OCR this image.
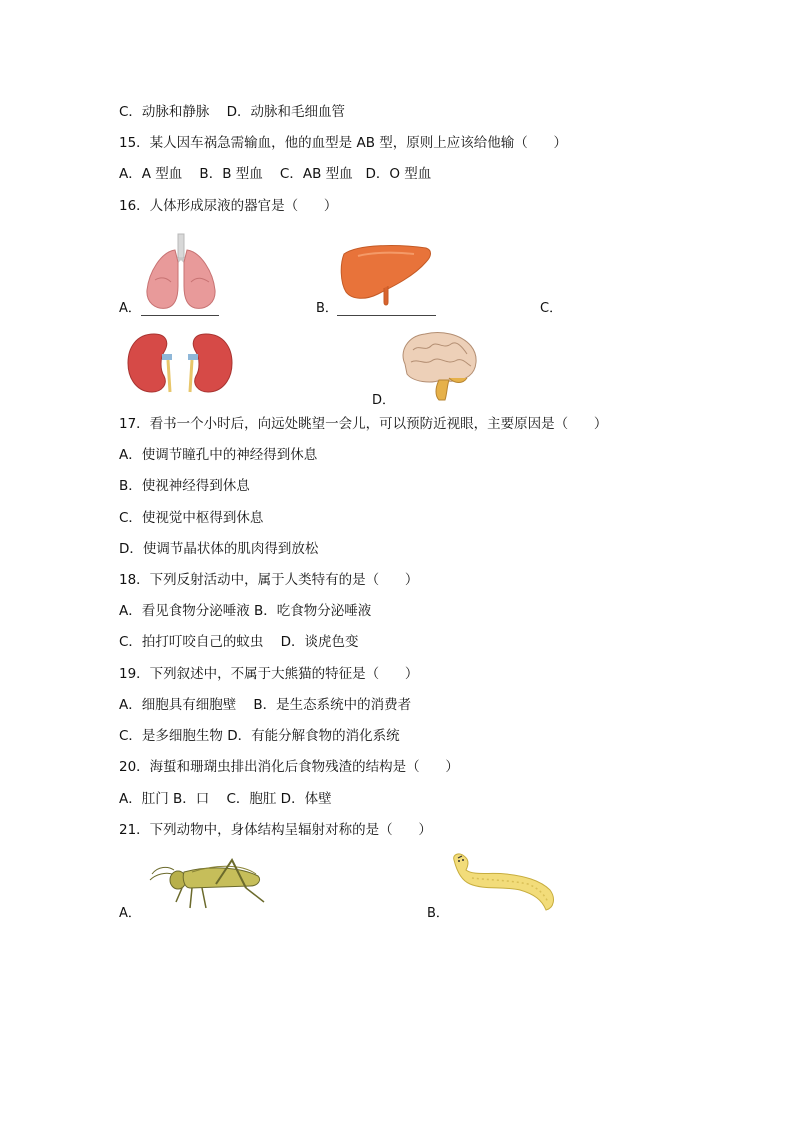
C．动脉和静脉    D．动脉和毛细血管
15．某人因车祸急需输血，他的血型是 AB 型，原则上应该给他输（      ）
A．A 型血    B．B 型血    C．AB 型血   D．O 型血
16．人体形成尿液的器官是（      ）
A．	B．	C．
D．
17．看书一个小时后，向远处眺望一会儿，可以预防近视眼，主要原因是（      ）
A．使调节瞳孔中的神经得到休息
B．使视神经得到休息
C．使视觉中枢得到休息
D．使调节晶状体的肌肉得到放松
18．下列反射活动中，属于人类特有的是（      ）
A．看见食物分泌唾液 B．吃食物分泌唾液
C．拍打叮咬自己的蚊虫    D．谈虎色变
19．下列叙述中，不属于大熊猫的特征是（      ）
A．细胞具有细胞壁    B．是生态系统中的消费者
C．是多细胞生物 D．有能分解食物的消化系统
20．海蜇和珊瑚虫排出消化后食物残渣的结构是（      ）
A．肛门 B．口    C．胞肛 D．体壁
21．下列动物中，身体结构呈辐射对称的是（      ）
A．	B．
